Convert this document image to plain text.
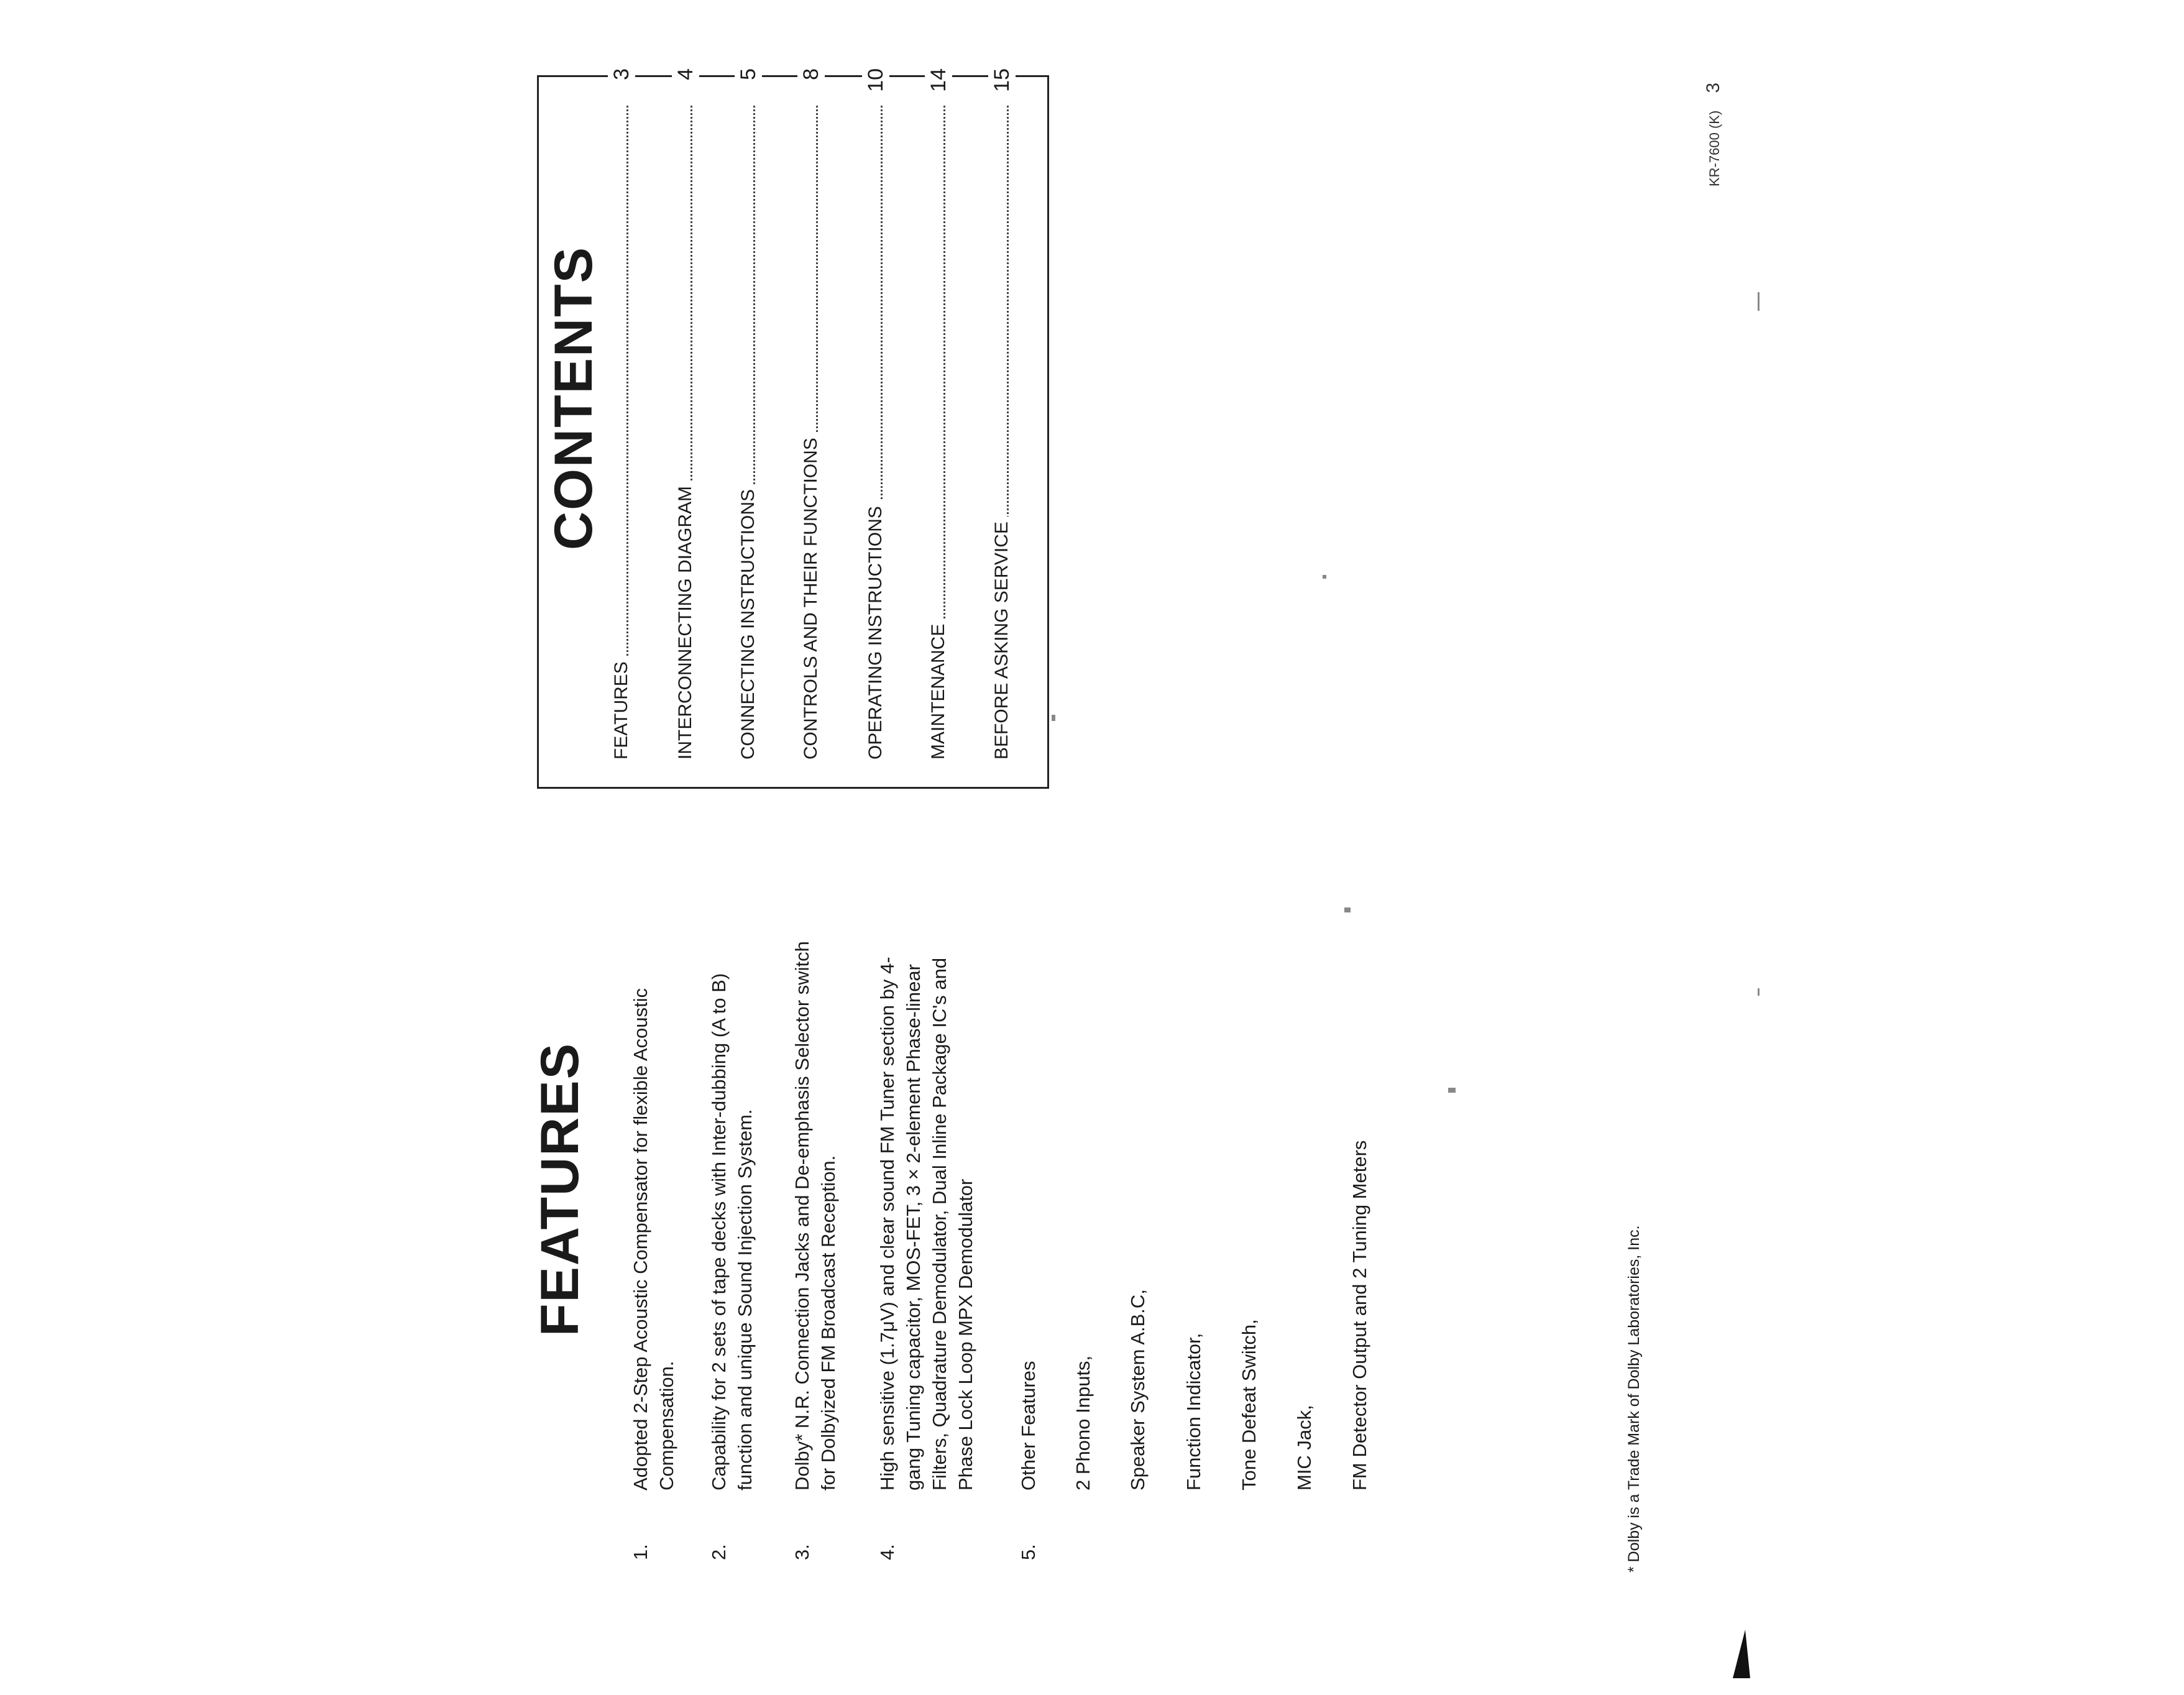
FEATURES
1.
Adopted 2-Step Acoustic Compensator for flexible Acoustic Compensation.
2.
Capability for 2 sets of tape decks with Inter-dubbing (A to B) function and unique Sound Injection System.
3.
Dolby* N.R. Connection Jacks and De-emphasis Selector switch for Dolbyized FM Broadcast Reception.
4.
High sensitive (1.7μV) and clear sound FM Tuner section by 4- gang Tuning capacitor, MOS-FET, 3 × 2-element Phase-linear Filters, Quadrature Demodulator, Dual Inline Package IC's and Phase Lock Loop MPX Demodulator
5.
Other Features 2 Phono Inputs, Speaker System A.B.C, Function Indicator, Tone Defeat Switch, MIC Jack, FM Detector Output and 2 Tuning Meters	* Dolby is a Trade Mark of Dolby Laboratories, Inc.
CONTENTS
FEATURES
3
INTERCONNECTING DIAGRAM
4
CONNECTING INSTRUCTIONS
5
CONTROLS AND THEIR FUNCTIONS
8
OPERATING INSTRUCTIONS
10
MAINTENANCE
14
BEFORE ASKING SERVICE
15
KR-7600 (K) 3
